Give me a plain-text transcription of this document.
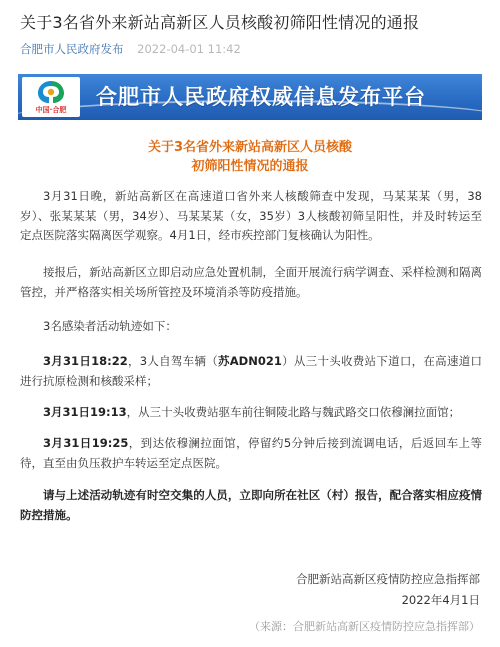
关于3名省外来新站高新区人员核酸初筛阳性情况的通报
合肥市人民政府发布 2022-04-01 11:42
中国·合肥
合肥市人民政府权威信息发布平台
关于3名省外来新站高新区人员核酸
初筛阳性情况的通报
3月31日晚，新站高新区在高速道口省外来人核酸筛查中发现，马某某某（男，38岁）、张某某某（男，34岁）、马某某某（女，35岁）3人核酸初筛呈阳性，并及时转运至定点医院落实隔离医学观察。4月1日，经市疾控部门复核确认为阳性。
接报后，新站高新区立即启动应急处置机制，全面开展流行病学调查、采样检测和隔离管控，并严格落实相关场所管控及环境消杀等防疫措施。
3名感染者活动轨迹如下：
3月31日18:22，3人自驾车辆（苏ADN021）从三十头收费站下道口，在高速道口进行抗原检测和核酸采样；
3月31日19:13，从三十头收费站驱车前往铜陵北路与魏武路交口依穆澜拉面馆；
3月31日19:25，到达依穆澜拉面馆，停留约5分钟后接到流调电话，后返回车上等待，直至由负压救护车转运至定点医院。
请与上述活动轨迹有时空交集的人员，立即向所在社区（村）报告，配合落实相应疫情防控措施。
合肥新站高新区疫情防控应急指挥部
2022年4月1日
（来源：合肥新站高新区疫情防控应急指挥部）
